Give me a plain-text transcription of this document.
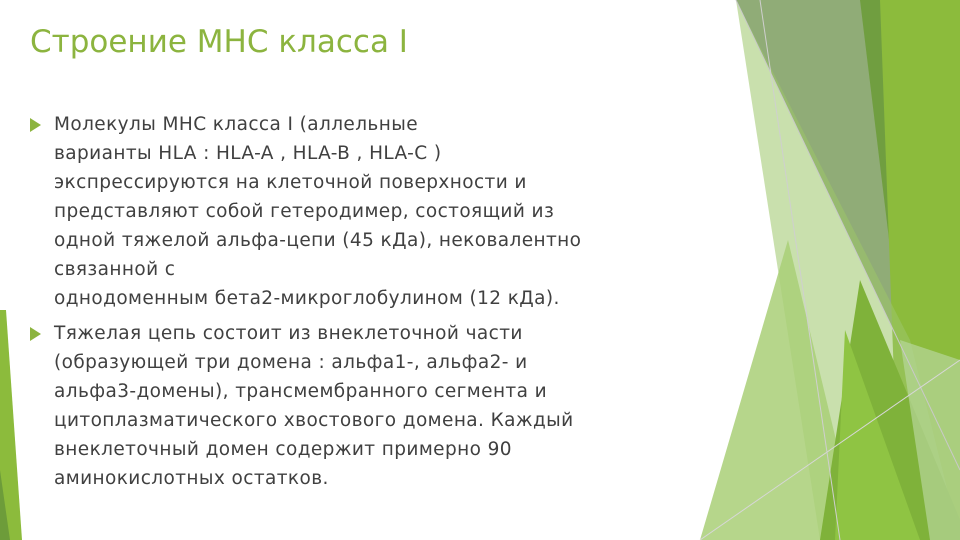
Строение МНС класса I
Молекулы МНС класса I (аллельные
варианты HLA : HLA-A , HLA-B , HLA-C )
экспрессируются на клеточной поверхности и
представляют собой гетеродимер, состоящий из
одной тяжелой альфа-цепи (45 кДа), нековалентно
связанной с
однодоменным бета2-микроглобулином (12 кДа).
Тяжелая цепь состоит из внеклеточной части
(образующей три домена : альфа1-, альфа2- и
альфа3-домены), трансмембранного сегмента и
цитоплазматического хвостового домена. Каждый
внеклеточный домен содержит примерно 90
аминокислотных остатков.
